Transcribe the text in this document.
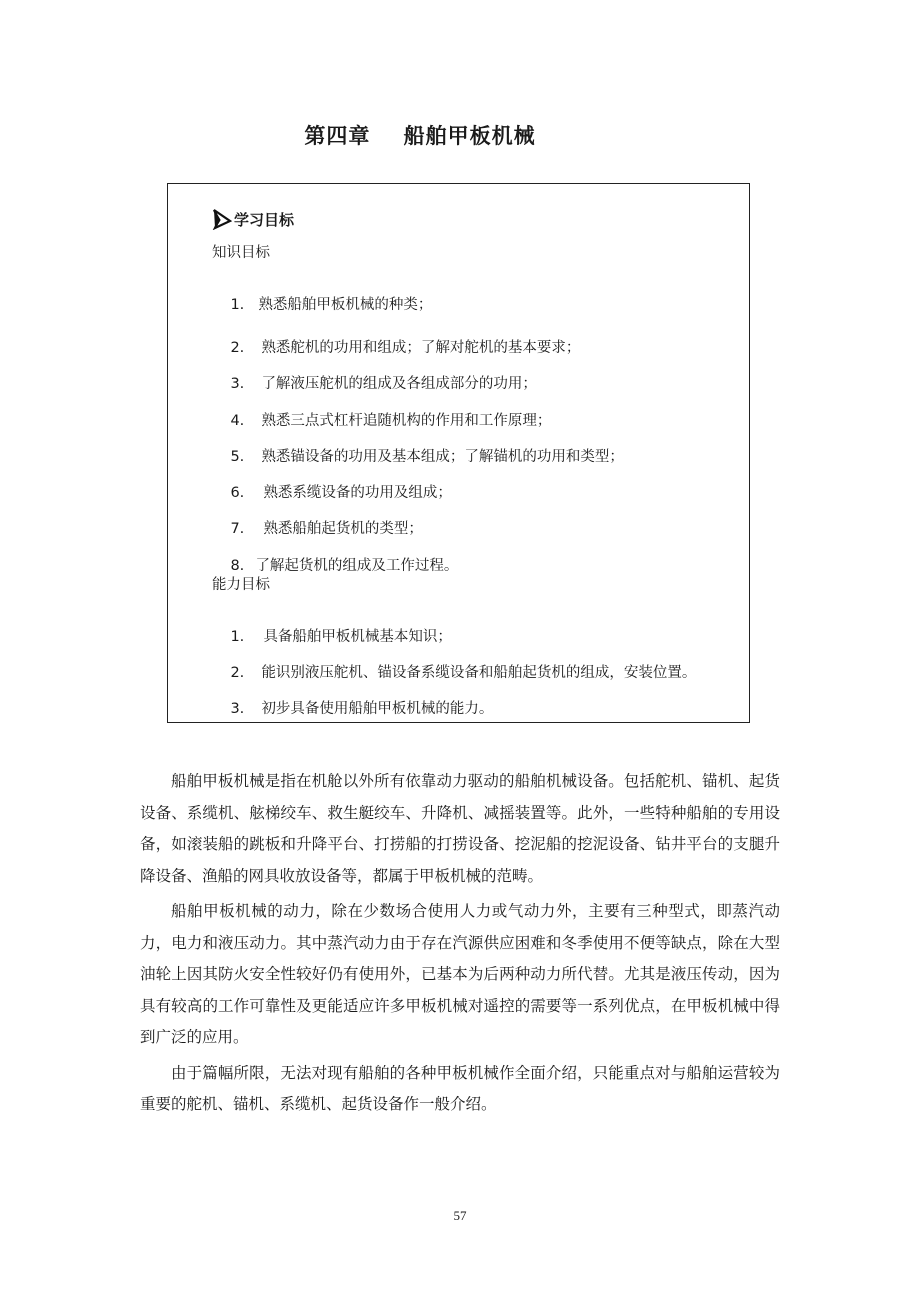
第四章    船舶甲板机械
学习目标
知识目标

1. 熟悉船舶甲板机械的种类；

2. 熟悉舵机的功用和组成；了解对舵机的基本要求；

3. 了解液压舵机的组成及各组成部分的功用；

4. 熟悉三点式杠杆追随机构的作用和工作原理；

5. 熟悉锚设备的功用及基本组成；了解锚机的功用和类型；

6. 熟悉系缆设备的功用及组成；

7. 熟悉船舶起货机的类型；

8. 了解起货机的组成及工作过程。

能力目标

1. 具备船舶甲板机械基本知识；

2. 能识别液压舵机、锚设备系缆设备和船舶起货机的组成，安装位置。

3. 初步具备使用船舶甲板机械的能力。

船舶甲板机械是指在机舱以外所有依靠动力驱动的船舶机械设备。包括舵机、锚机、起货设备、系缆机、舷梯绞车、救生艇绞车、升降机、减摇装置等。此外，一些特种船舶的专用设备，如滚装船的跳板和升降平台、打捞船的打捞设备、挖泥船的挖泥设备、钻井平台的支腿升降设备、渔船的网具收放设备等，都属于甲板机械的范畴。

船舶甲板机械的动力，除在少数场合使用人力或气动力外，主要有三种型式，即蒸汽动力，电力和液压动力。其中蒸汽动力由于存在汽源供应困难和冬季使用不便等缺点，除在大型油轮上因其防火安全性较好仍有使用外，已基本为后两种动力所代替。尤其是液压传动，因为具有较高的工作可靠性及更能适应许多甲板机械对遥控的需要等一系列优点，在甲板机械中得到广泛的应用。

由于篇幅所限，无法对现有船舶的各种甲板机械作全面介绍，只能重点对与船舶运营较为重要的舵机、锚机、系缆机、起货设备作一般介绍。

57
